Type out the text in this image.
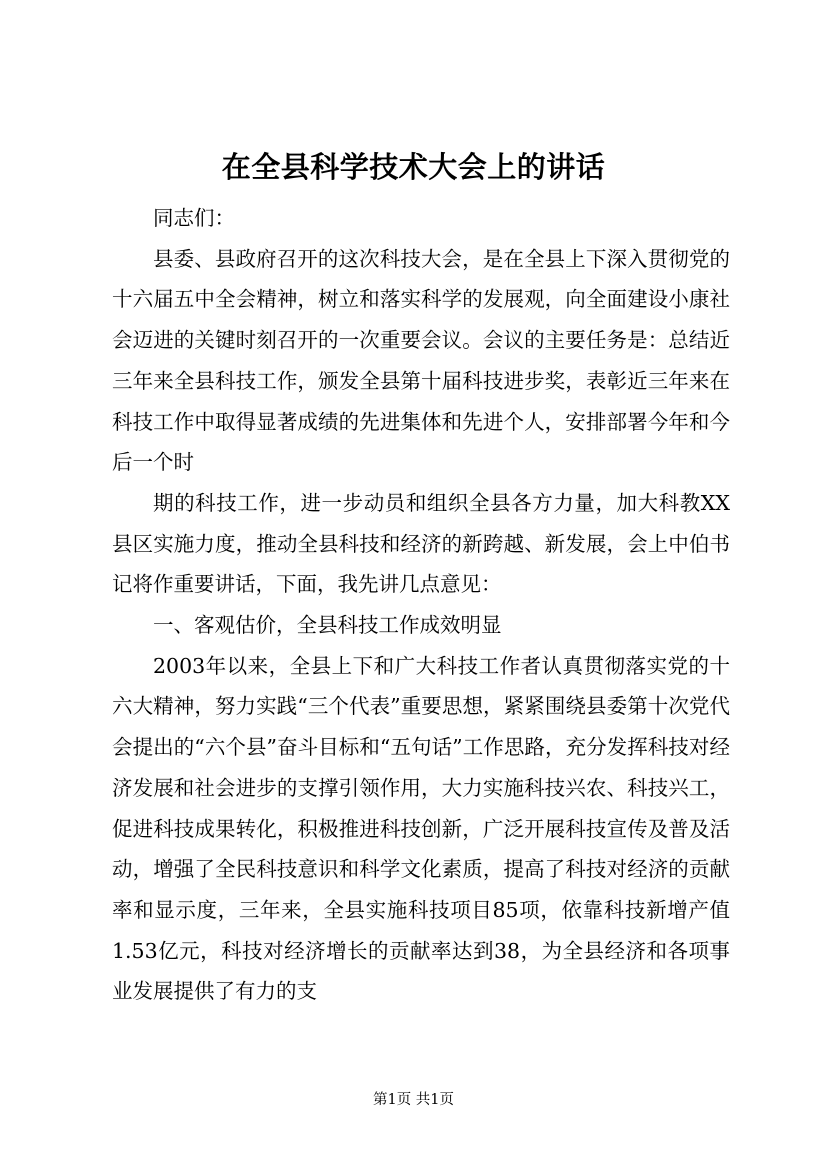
在全县科学技术大会上的讲话

同志们：

县委、县政府召开的这次科技大会，是在全县上下深入贯彻党的十六届五中全会精神，树立和落实科学的发展观，向全面建设小康社会迈进的关键时刻召开的一次重要会议。会议的主要任务是：总结近三年来全县科技工作，颁发全县第十届科技进步奖，表彰近三年来在科技工作中取得显著成绩的先进集体和先进个人，安排部署今年和今后一个时

期的科技工作，进一步动员和组织全县各方力量，加大科教XX县区实施力度，推动全县科技和经济的新跨越、新发展，会上中伯书记将作重要讲话，下面，我先讲几点意见：

一、客观估价，全县科技工作成效明显

2003年以来，全县上下和广大科技工作者认真贯彻落实党的十六大精神，努力实践“三个代表”重要思想，紧紧围绕县委第十次党代会提出的“六个县”奋斗目标和“五句话”工作思路，充分发挥科技对经济发展和社会进步的支撑引领作用，大力实施科技兴农、科技兴工，促进科技成果转化，积极推进科技创新，广泛开展科技宣传及普及活动，增强了全民科技意识和科学文化素质，提高了科技对经济的贡献率和显示度，三年来，全县实施科技项目85项，依靠科技新增产值1.53亿元，科技对经济增长的贡献率达到38，为全县经济和各项事业发展提供了有力的支

第1页 共1页
